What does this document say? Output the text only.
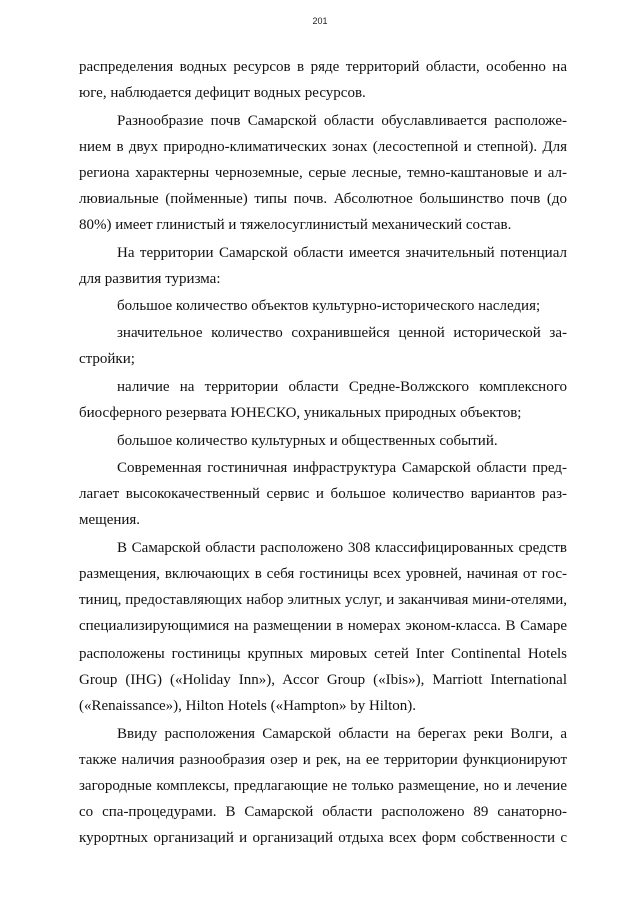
201
распределения водных ресурсов в ряде территорий области, особенно на
юге, наблюдается дефицит водных ресурсов.
Разнообразие почв Самарской области обуславливается расположе-
нием в двух природно-климатических зонах (лесостепной и степной). Для
региона характерны черноземные, серые лесные, темно-каштановые и ал-
лювиальные (пойменные) типы почв. Абсолютное большинство почв (до
80%) имеет глинистый и тяжелосуглинистый механический состав.
На территории Самарской области имеется значительный потенциал
для развития туризма:
большое количество объектов культурно-исторического наследия;
значительное количество сохранившейся ценной исторической за-
стройки;
наличие на территории области Средне-Волжского комплексного
биосферного резервата ЮНЕСКО, уникальных природных объектов;
большое количество культурных и общественных событий.
Современная гостиничная инфраструктура Самарской области пред-
лагает высококачественный сервис и большое количество вариантов раз-
мещения.
В Самарской области расположено 308 классифицированных средств
размещения, включающих в себя гостиницы всех уровней, начиная от гос-
тиниц, предоставляющих набор элитных услуг, и заканчивая мини-отелями,
специализирующимися на размещении в номерах эконом-класса. В Самаре
расположены гостиницы крупных мировых сетей Inter Continental Hotels
Group (IHG) («Holiday Inn»), Accor Group («Ibis»), Marriott International
(«Renaissance»), Hilton Hotels («Hampton» by Hilton).
Ввиду расположения Самарской области на берегах реки Волги, а
также наличия разнообразия озер и рек, на ее территории функционируют
загородные комплексы, предлагающие не только размещение, но и лечение
со спа-процедурами. В Самарской области расположено 89 санаторно-
курортных организаций и организаций отдыха всех форм собственности с
